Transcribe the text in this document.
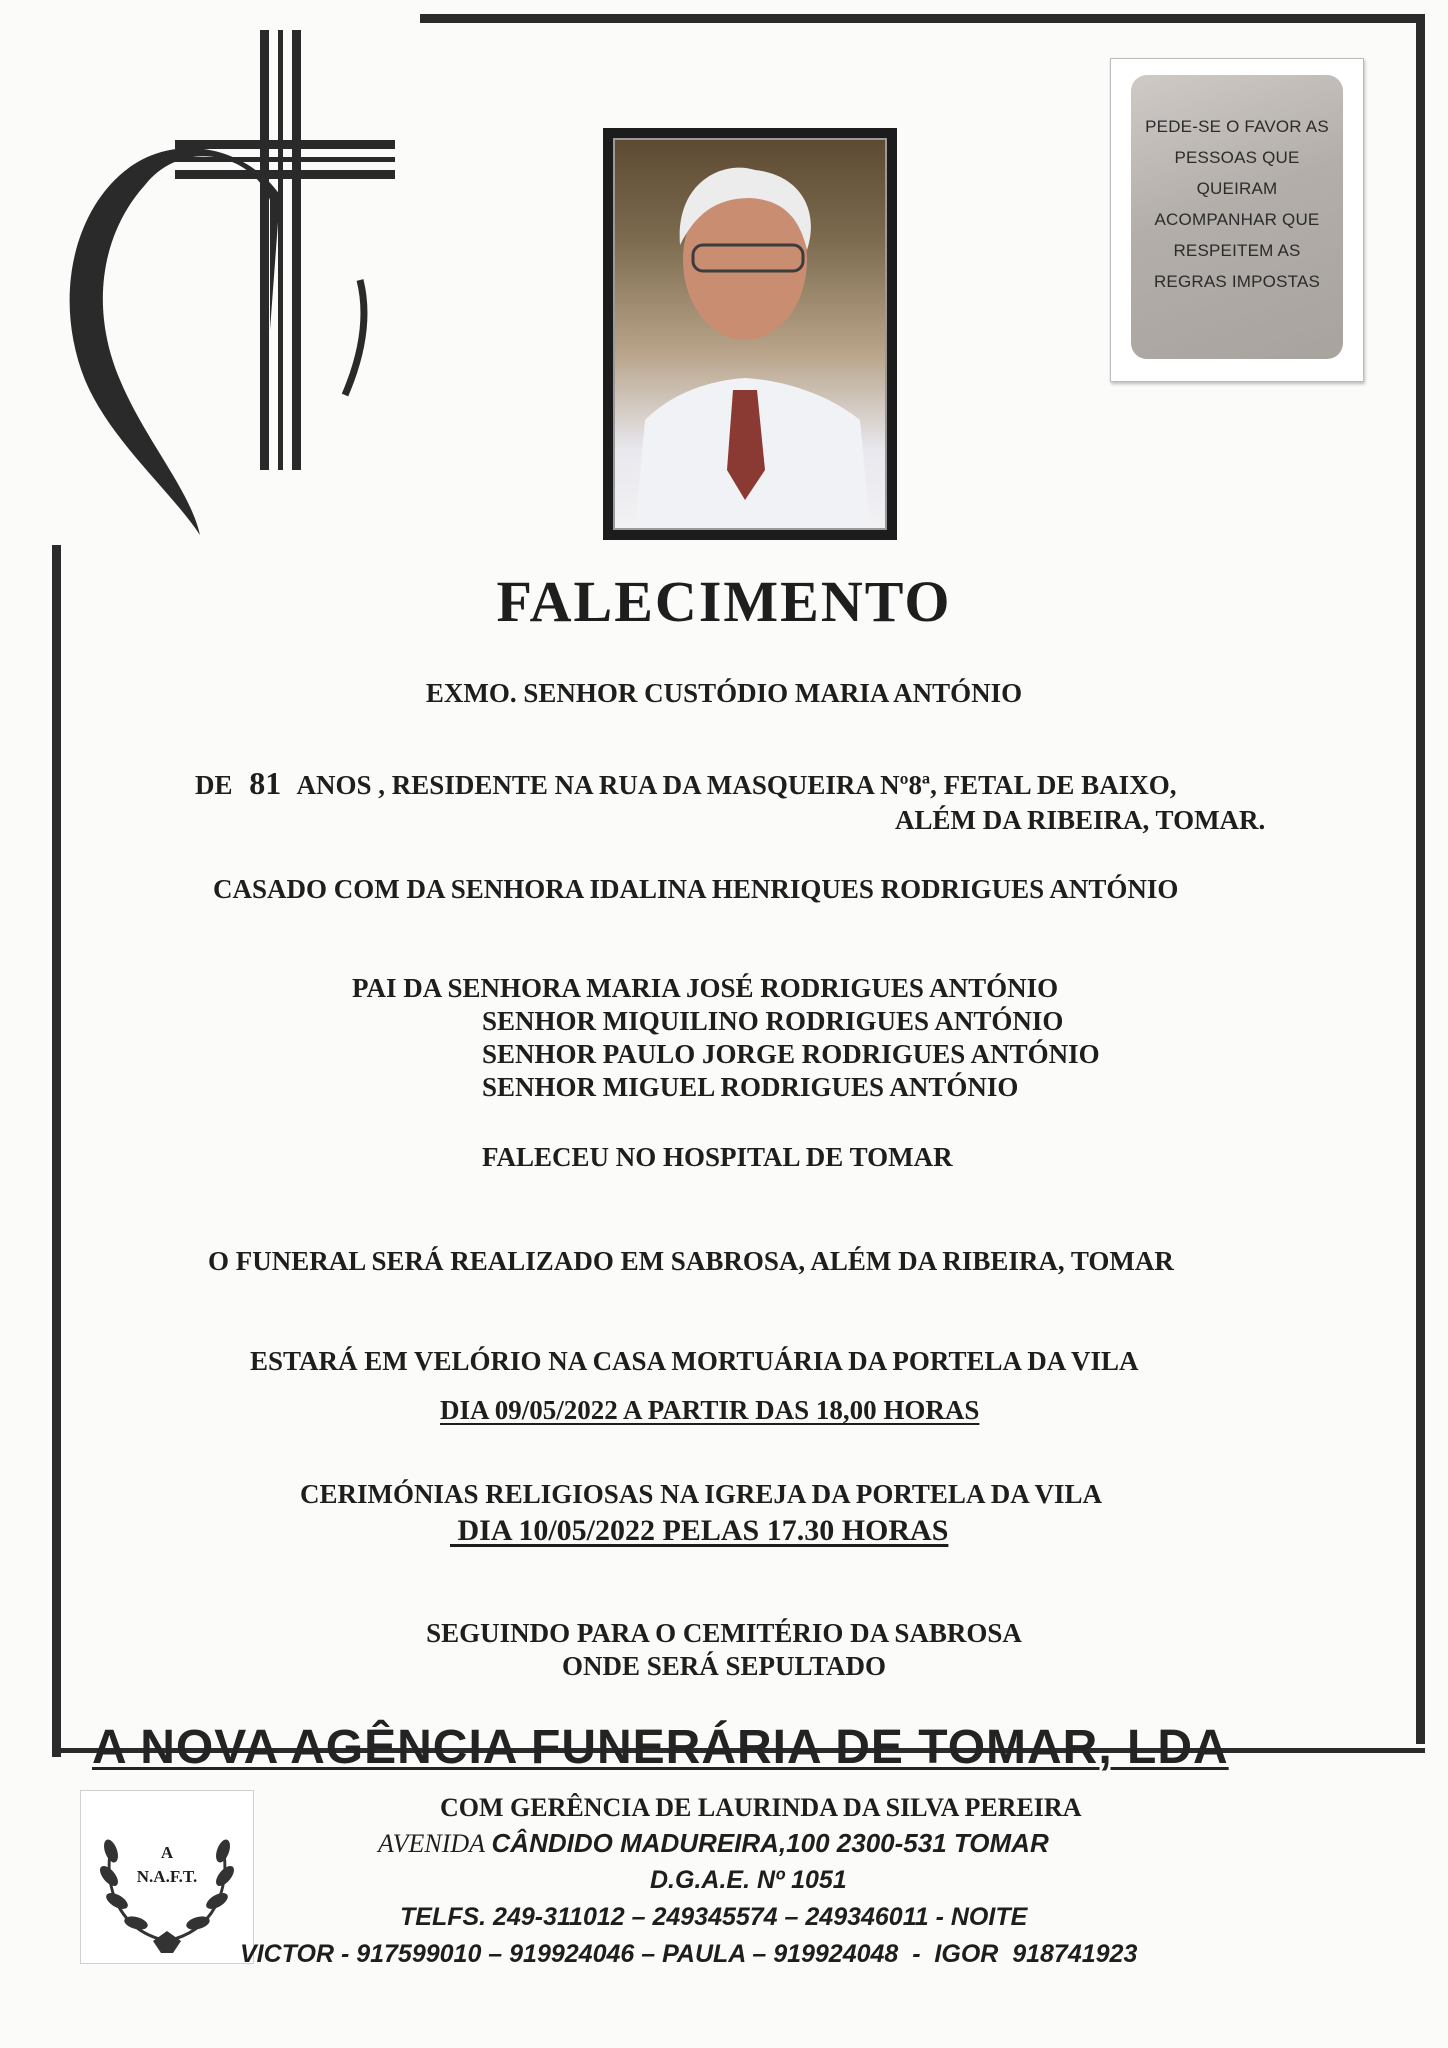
PEDE-SE O FAVOR AS
PESSOAS QUE
QUEIRAM
ACOMPANHAR QUE
RESPEITEM AS
REGRAS IMPOSTAS
FALECIMENTO
EXMO. SENHOR CUSTÓDIO MARIA ANTÓNIO
DE 81 ANOS , RESIDENTE NA RUA DA MASQUEIRA Nº8ª, FETAL DE BAIXO,
ALÉM DA RIBEIRA, TOMAR.
CASADO COM DA SENHORA IDALINA HENRIQUES RODRIGUES ANTÓNIO
PAI DA SENHORA MARIA JOSÉ RODRIGUES ANTÓNIO
SENHOR MIQUILINO RODRIGUES ANTÓNIO
SENHOR PAULO JORGE RODRIGUES ANTÓNIO
SENHOR MIGUEL RODRIGUES ANTÓNIO
FALECEU NO HOSPITAL DE TOMAR
O FUNERAL SERÁ REALIZADO EM SABROSA, ALÉM DA RIBEIRA, TOMAR
ESTARÁ EM VELÓRIO NA CASA MORTUÁRIA DA PORTELA DA VILA
DIA 09/05/2022 A PARTIR DAS 18,00 HORAS
CERIMÓNIAS RELIGIOSAS NA IGREJA DA PORTELA DA VILA
DIA 10/05/2022 PELAS 17.30 HORAS
SEGUINDO PARA O CEMITÉRIO DA SABROSA
ONDE SERÁ SEPULTADO
A NOVA AGÊNCIA FUNERÁRIA DE TOMAR, LDA
A
N.A.F.T.
COM GERÊNCIA DE LAURINDA DA SILVA PEREIRA
AVENIDA CÂNDIDO MADUREIRA,100 2300-531 TOMAR
D.G.A.E. Nº 1051
TELFS. 249-311012 – 249345574 – 249346011 - NOITE
VICTOR - 917599010 – 919924046 – PAULA – 919924048  -  IGOR  918741923
